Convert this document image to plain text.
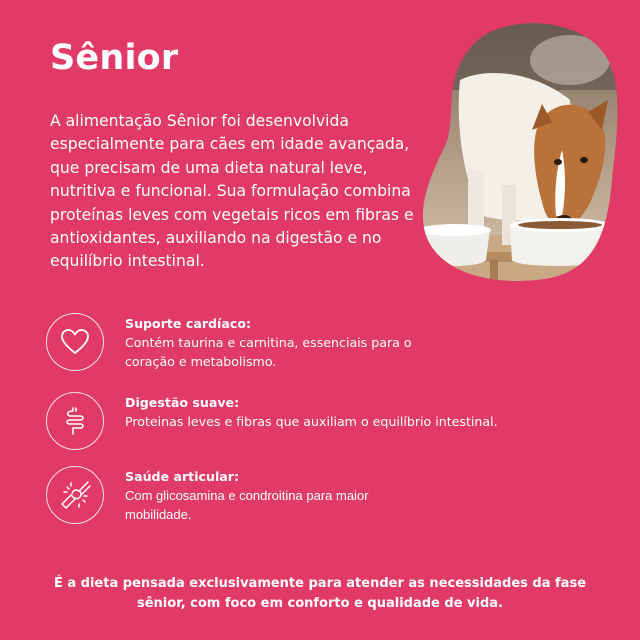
Sênior

A alimentação Sênior foi desenvolvida especialmente para cães em idade avançada, que precisam de uma dieta natural leve, nutritiva e funcional. Sua formulação combina proteínas leves com vegetais ricos em fibras e antioxidantes, auxiliando na digestão e no equilíbrio intestinal.

Suporte cardíaco:
Contém taurina e carnitina, essenciais para o coração e metabolismo.
Digestão suave:
Proteinas leves e fibras que auxiliam o equilíbrio intestinal.
Saúde articular:
Com glicosamina e condroitina para maior mobilidade.
É a dieta pensada exclusivamente para atender as necessidades da fase sênior, com foco em conforto e qualidade de vida.
